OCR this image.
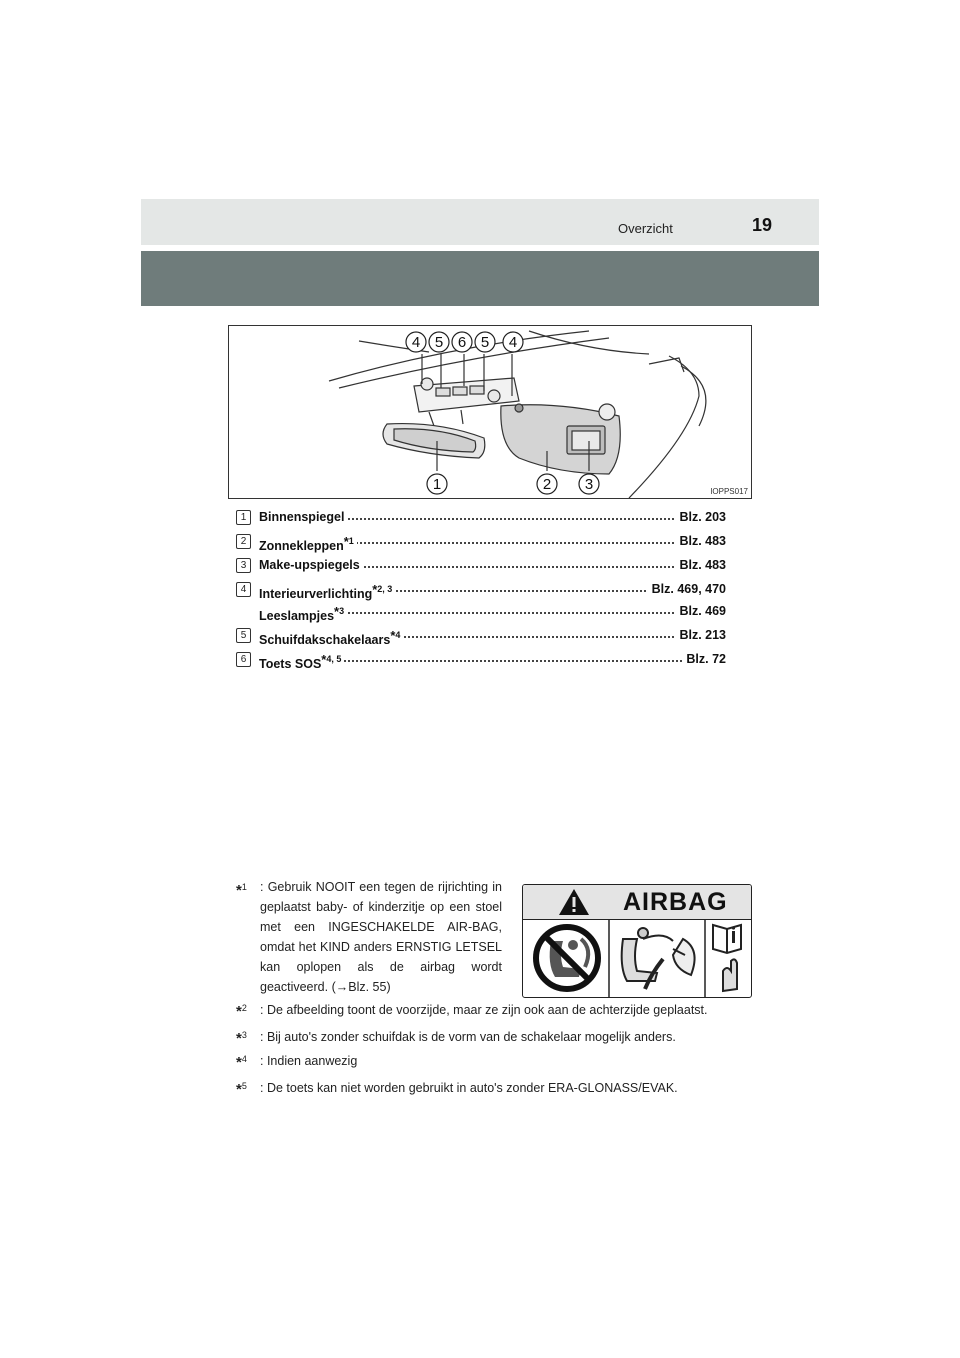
Overzicht	19
4 5 6 5 4
1	2 3	IOPPS017
1	Binnenspiegel	Blz. 203
2	Zonnekleppen$^{*1}$	Blz. 483
3	Make-upspiegels	Blz. 483
4	Interieurverlichting$^{*2, 3}$	Blz. 469, 470
Leeslampjes$^{*3}$	Blz. 469
5	Schuifdakschakelaars$^{*4}$	Blz. 213
6	Toets SOS$^{*4, 5}$	Blz. 72
*$^1$	: Gebruik NOOIT een tegen de rijrichting in geplaatst baby- of kinderzitje op een stoel met een INGESCHAKELDE AIR-BAG, omdat het KIND anders ERNSTIG LETSEL kan oplopen als de airbag wordt geactiveerd. (→Blz. 55)
AIRBAG
*$^2$ : De afbeelding toont de voorzijde, maar ze zijn ook aan de achterzijde geplaatst.
*$^3$ : Bij auto's zonder schuifdak is de vorm van de schakelaar mogelijk anders.
*$^4$ : Indien aanwezig
*$^5$ : De toets kan niet worden gebruikt in auto's zonder ERA-GLONASS/EVAK.
